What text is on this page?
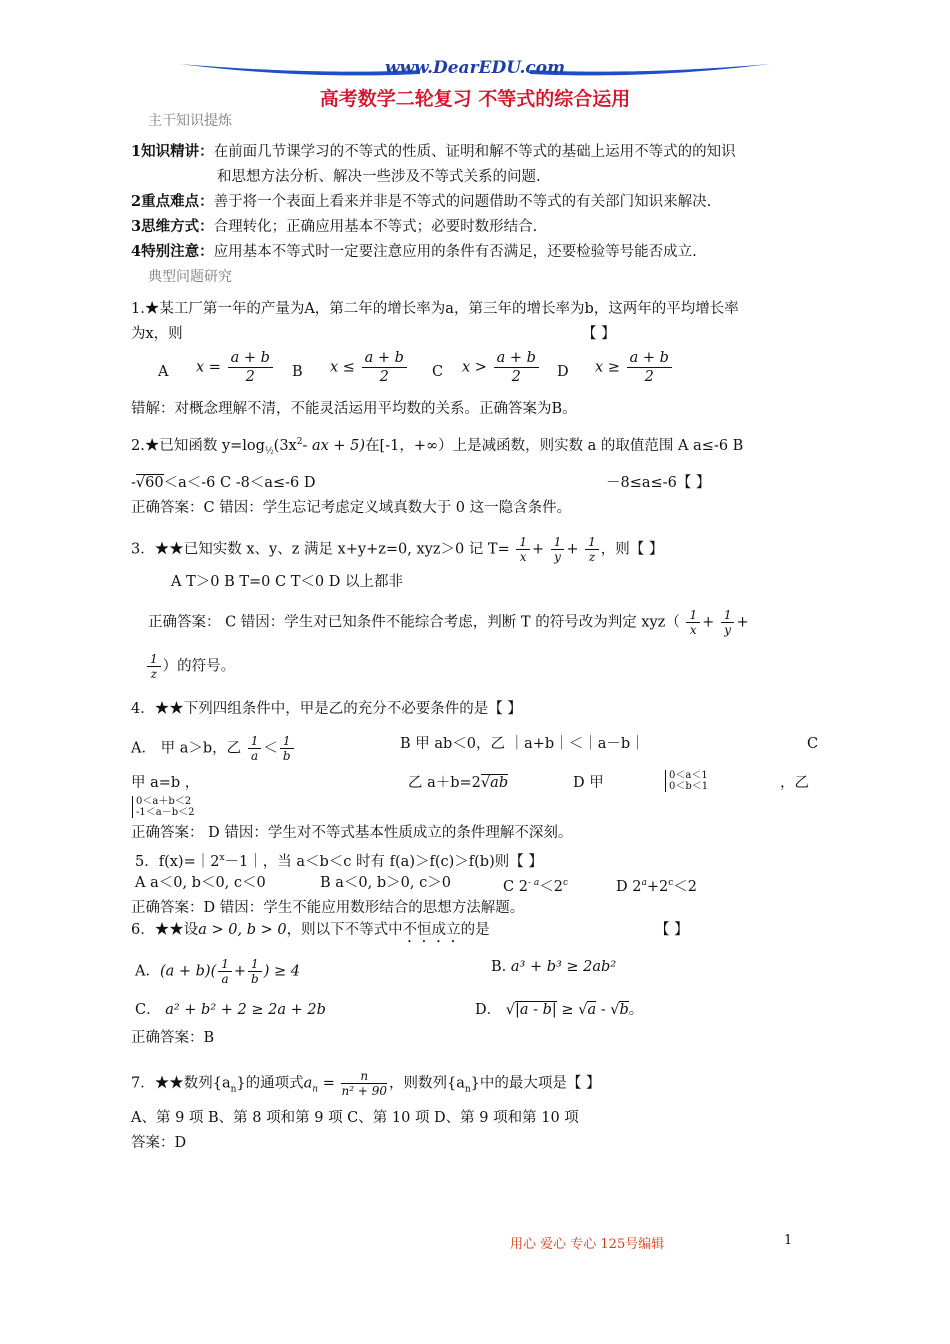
www.DearEDU.com
高考数学二轮复习 不等式的综合运用
主干知识提炼
1知识精讲：在前面几节课学习的不等式的性质、证明和解不等式的基础上运用不等式的的知识
和思想方法分析、解决一些涉及不等式关系的问题.
2重点难点：善于将一个表面上看来并非是不等式的问题借助不等式的有关部门知识来解决.
3思维方式：合理转化；正确应用基本不等式；必要时数形结合.
4特别注意：应用基本不等式时一定要注意应用的条件有否满足，还要检验等号能否成立.
典型问题研究
1.★某工厂第一年的产量为A，第二年的增长率为a，第三年的增长率为b，这两年的平均增长率
为x，则	【 】
A $x = \frac{a + b}{2}$ B $x \le \frac{a + b}{2}$ C $x > \frac{a + b}{2}$ D $x \ge \frac{a + b}{2}$
错解：对概念理解不清，不能灵活运用平均数的关系。正确答案为B。
2.★已知函数 $y=\log_{\frac{1}{2}}(3x^2-$ ax + 5)在[-1，+∞）上是减函数，则实数 a 的取值范围 A a≤-6 B
-√60＜a＜-6 C -8＜a≤-6 D	－8≤a≤-6【 】
正确答案：C 错因：学生忘记考虑定义域真数大于 0 这一隐含条件。
3．★★已知实数 x、y、z 满足 x+y+z=0, xyz＞0 记 $T= \frac{1}{x} + \frac{1}{y} + \frac{1}{z}$ ，则【 】
A T＞0 B T=0 C T＜0 D 以上都非
正确答案： C 错因：学生对已知条件不能综合考虑，判断 T 的符号改为判定 $xyz( \frac{1}{x} + \frac{1}{y}$ +
$\frac{1}{z}$ ）的符号。
4．★★下列四组条件中，甲是乙的充分不必要条件的是【 】
A． 甲 a＞b，乙 $\frac{1}{a} < \frac{1}{b}$	B 甲 ab＜0，乙 ｜a+b｜＜｜a－b｜	C
甲 a=b ，	乙 a＋b=2√ab	D 甲	0＜a＜1
0＜b＜1	，乙
0＜a＋b＜2
-1＜a－b＜2
正确答案： D 错因：学生对不等式基本性质成立的条件理解不深刻。
5．$f(x)=|2^x-1|$，当 a＜b＜c 时有 f(a)＞f(c)＞f(b)则【 】
A a＜0, b＜0, c＜0	B a＜0, b＞0, c＞0	C $2^{- a}<2^c$	D $2^a+2^c<2$
正确答案：D 错因：学生不能应用数形结合的思想方法解题。
6．★★设a > 0, b > 0，则以下不等式中不恒成立的是	【 】
A．$(a + b)( \frac{1}{a} + \frac{1}{b}$ ) ≥ 4	B. a³ + b³ ≥ 2ab²
C． a² + b² + 2 ≥ 2a + 2b	D． √|a - b| ≥ √a - √b。
正确答案：B
7．★★数列$\{a_n\}$的通项式$a_n = \frac{n}{\text{n² + 90}}$ ，则数列$\{a_n\}$中的最大项是【 】
A、第 9 项 B、第 8 项和第 9 项 C、第 10 项 D、第 9 项和第 10 项
答案：D
用心 爱心 专心 125号编辑	1
